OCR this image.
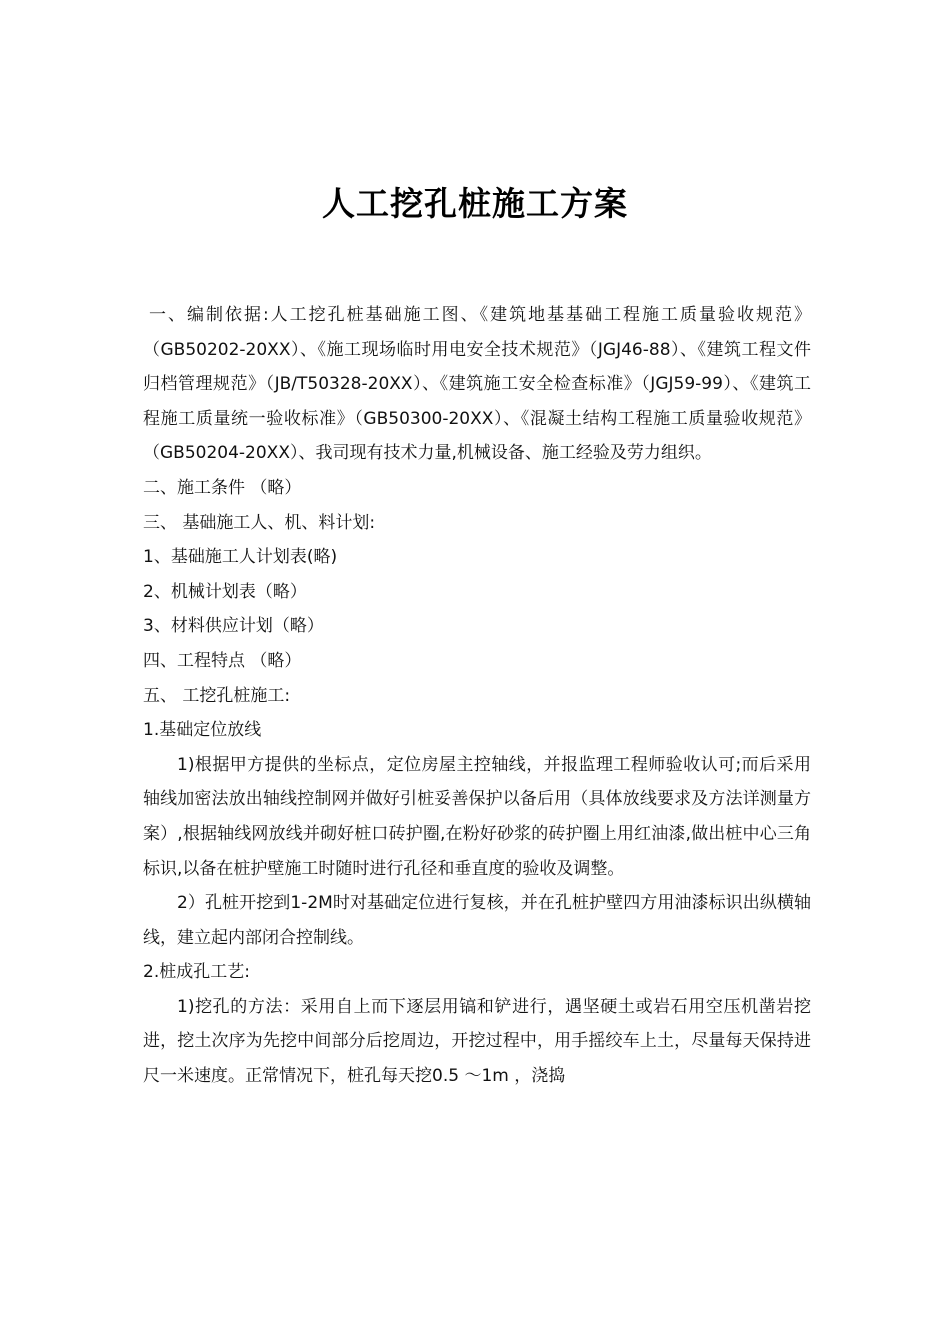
人工挖孔桩施工方案

一、编制依据:人工挖孔桩基础施工图、《建筑地基基础工程施工质量验收规范》（GB50202-20XX）、《施工现场临时用电安全技术规范》（JGJ46-88）、《建筑工程文件归档管理规范》（JB/T50328-20XX）、《建筑施工安全检查标准》（JGJ59-99）、《建筑工程施工质量统一验收标准》（GB50300-20XX）、《混凝土结构工程施工质量验收规范》（GB50204-20XX）、我司现有技术力量,机械设备、施工经验及劳力组织。

二、施工条件 （略）

三、 基础施工人、机、料计划:

1、基础施工人计划表(略)

2、机械计划表（略）

3、材料供应计划（略）

四、工程特点 （略）

五、 工挖孔桩施工:

1.基础定位放线

1)根据甲方提供的坐标点，定位房屋主控轴线，并报监理工程师验收认可;而后采用轴线加密法放出轴线控制网并做好引桩妥善保护以备后用（具体放线要求及方法详测量方案）,根据轴线网放线并砌好桩口砖护圈,在粉好砂浆的砖护圈上用红油漆,做出桩中心三角标识,以备在桩护壁施工时随时进行孔径和垂直度的验收及调整。

2）孔桩开挖到1-2M时对基础定位进行复核，并在孔桩护壁四方用油漆标识出纵横轴线，建立起内部闭合控制线。

2.桩成孔工艺:

1)挖孔的方法：采用自上而下逐层用镐和铲进行，遇坚硬土或岩石用空压机凿岩挖进，挖土次序为先挖中间部分后挖周边，开挖过程中，用手摇绞车上土，尽量每天保持进尺一米速度。正常情况下，桩孔每天挖0.5 ～1m ，浇捣
